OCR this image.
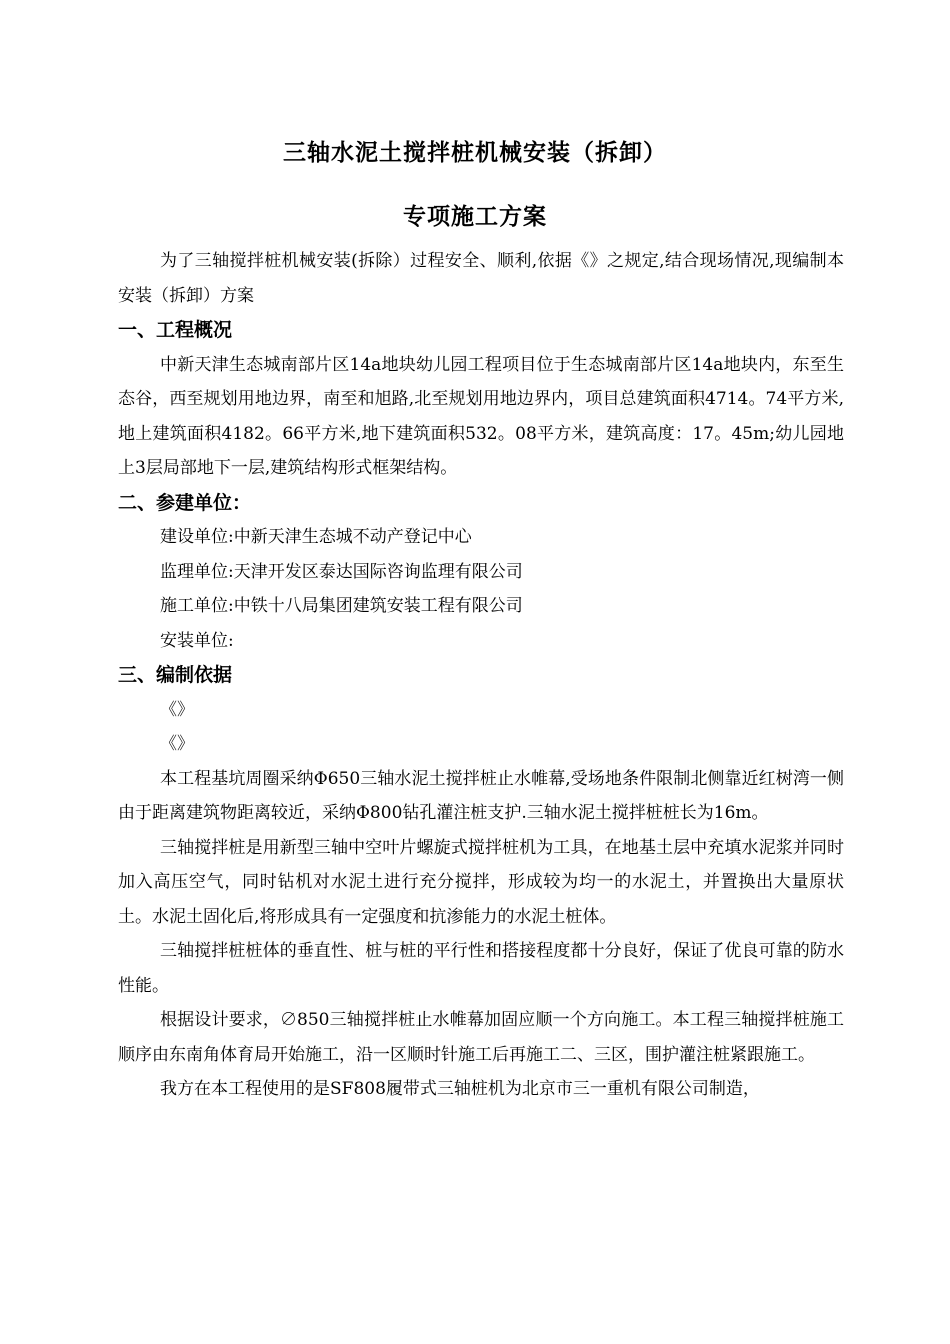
三轴水泥土搅拌桩机械安装（拆卸）
专项施工方案

为了三轴搅拌桩机械安装(拆除）过程安全、顺利,依据《》之规定,结合现场情况,现编制本安装（拆卸）方案

一、工程概况

中新天津生态城南部片区14a地块幼儿园工程项目位于生态城南部片区14a地块内，东至生态谷，西至规划用地边界，南至和旭路,北至规划用地边界内，项目总建筑面积4714。74平方米,地上建筑面积4182。66平方米,地下建筑面积532。08平方米，建筑高度：17。45m;幼儿园地上3层局部地下一层,建筑结构形式框架结构。

二、参建单位：

建设单位:中新天津生态城不动产登记中心

监理单位:天津开发区泰达国际咨询监理有限公司

施工单位:中铁十八局集团建筑安装工程有限公司

安装单位:

三、编制依据

《》

《》

本工程基坑周圈采纳Φ650三轴水泥土搅拌桩止水帷幕,受场地条件限制北侧靠近红树湾一侧由于距离建筑物距离较近，采纳Φ800钻孔灌注桩支护.三轴水泥土搅拌桩桩长为16m。

三轴搅拌桩是用新型三轴中空叶片螺旋式搅拌桩机为工具，在地基土层中充填水泥浆并同时加入高压空气，同时钻机对水泥土进行充分搅拌，形成较为均一的水泥土，并置换出大量原状土。水泥土固化后,将形成具有一定强度和抗渗能力的水泥土桩体。

三轴搅拌桩桩体的垂直性、桩与桩的平行性和搭接程度都十分良好，保证了优良可靠的防水性能。

根据设计要求，∅850三轴搅拌桩止水帷幕加固应顺一个方向施工。本工程三轴搅拌桩施工顺序由东南角体育局开始施工，沿一区顺时针施工后再施工二、三区，围护灌注桩紧跟施工。

我方在本工程使用的是SF808履带式三轴桩机为北京市三一重机有限公司制造，
